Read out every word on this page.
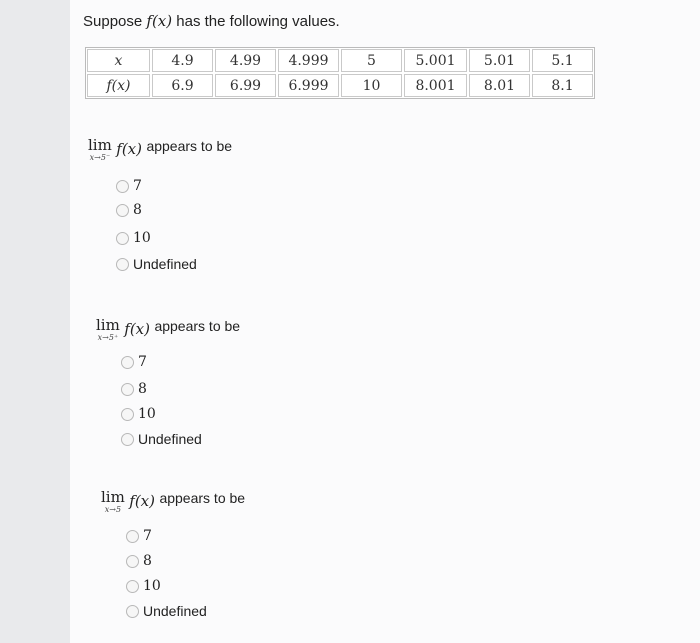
Suppose f(x) has the following values.
x	4.9	4.99	4.999	5	5.001	5.01	5.1
f(x)	6.9	6.99	6.999	10	8.001	8.01	8.1
lim
x→5⁻ f(x) appears to be
7
8
10
Undefined
lim
x→5⁺ f(x) appears to be
7
8
10
Undefined
lim
x→5 f(x) appears to be
7
8
10
Undefined
